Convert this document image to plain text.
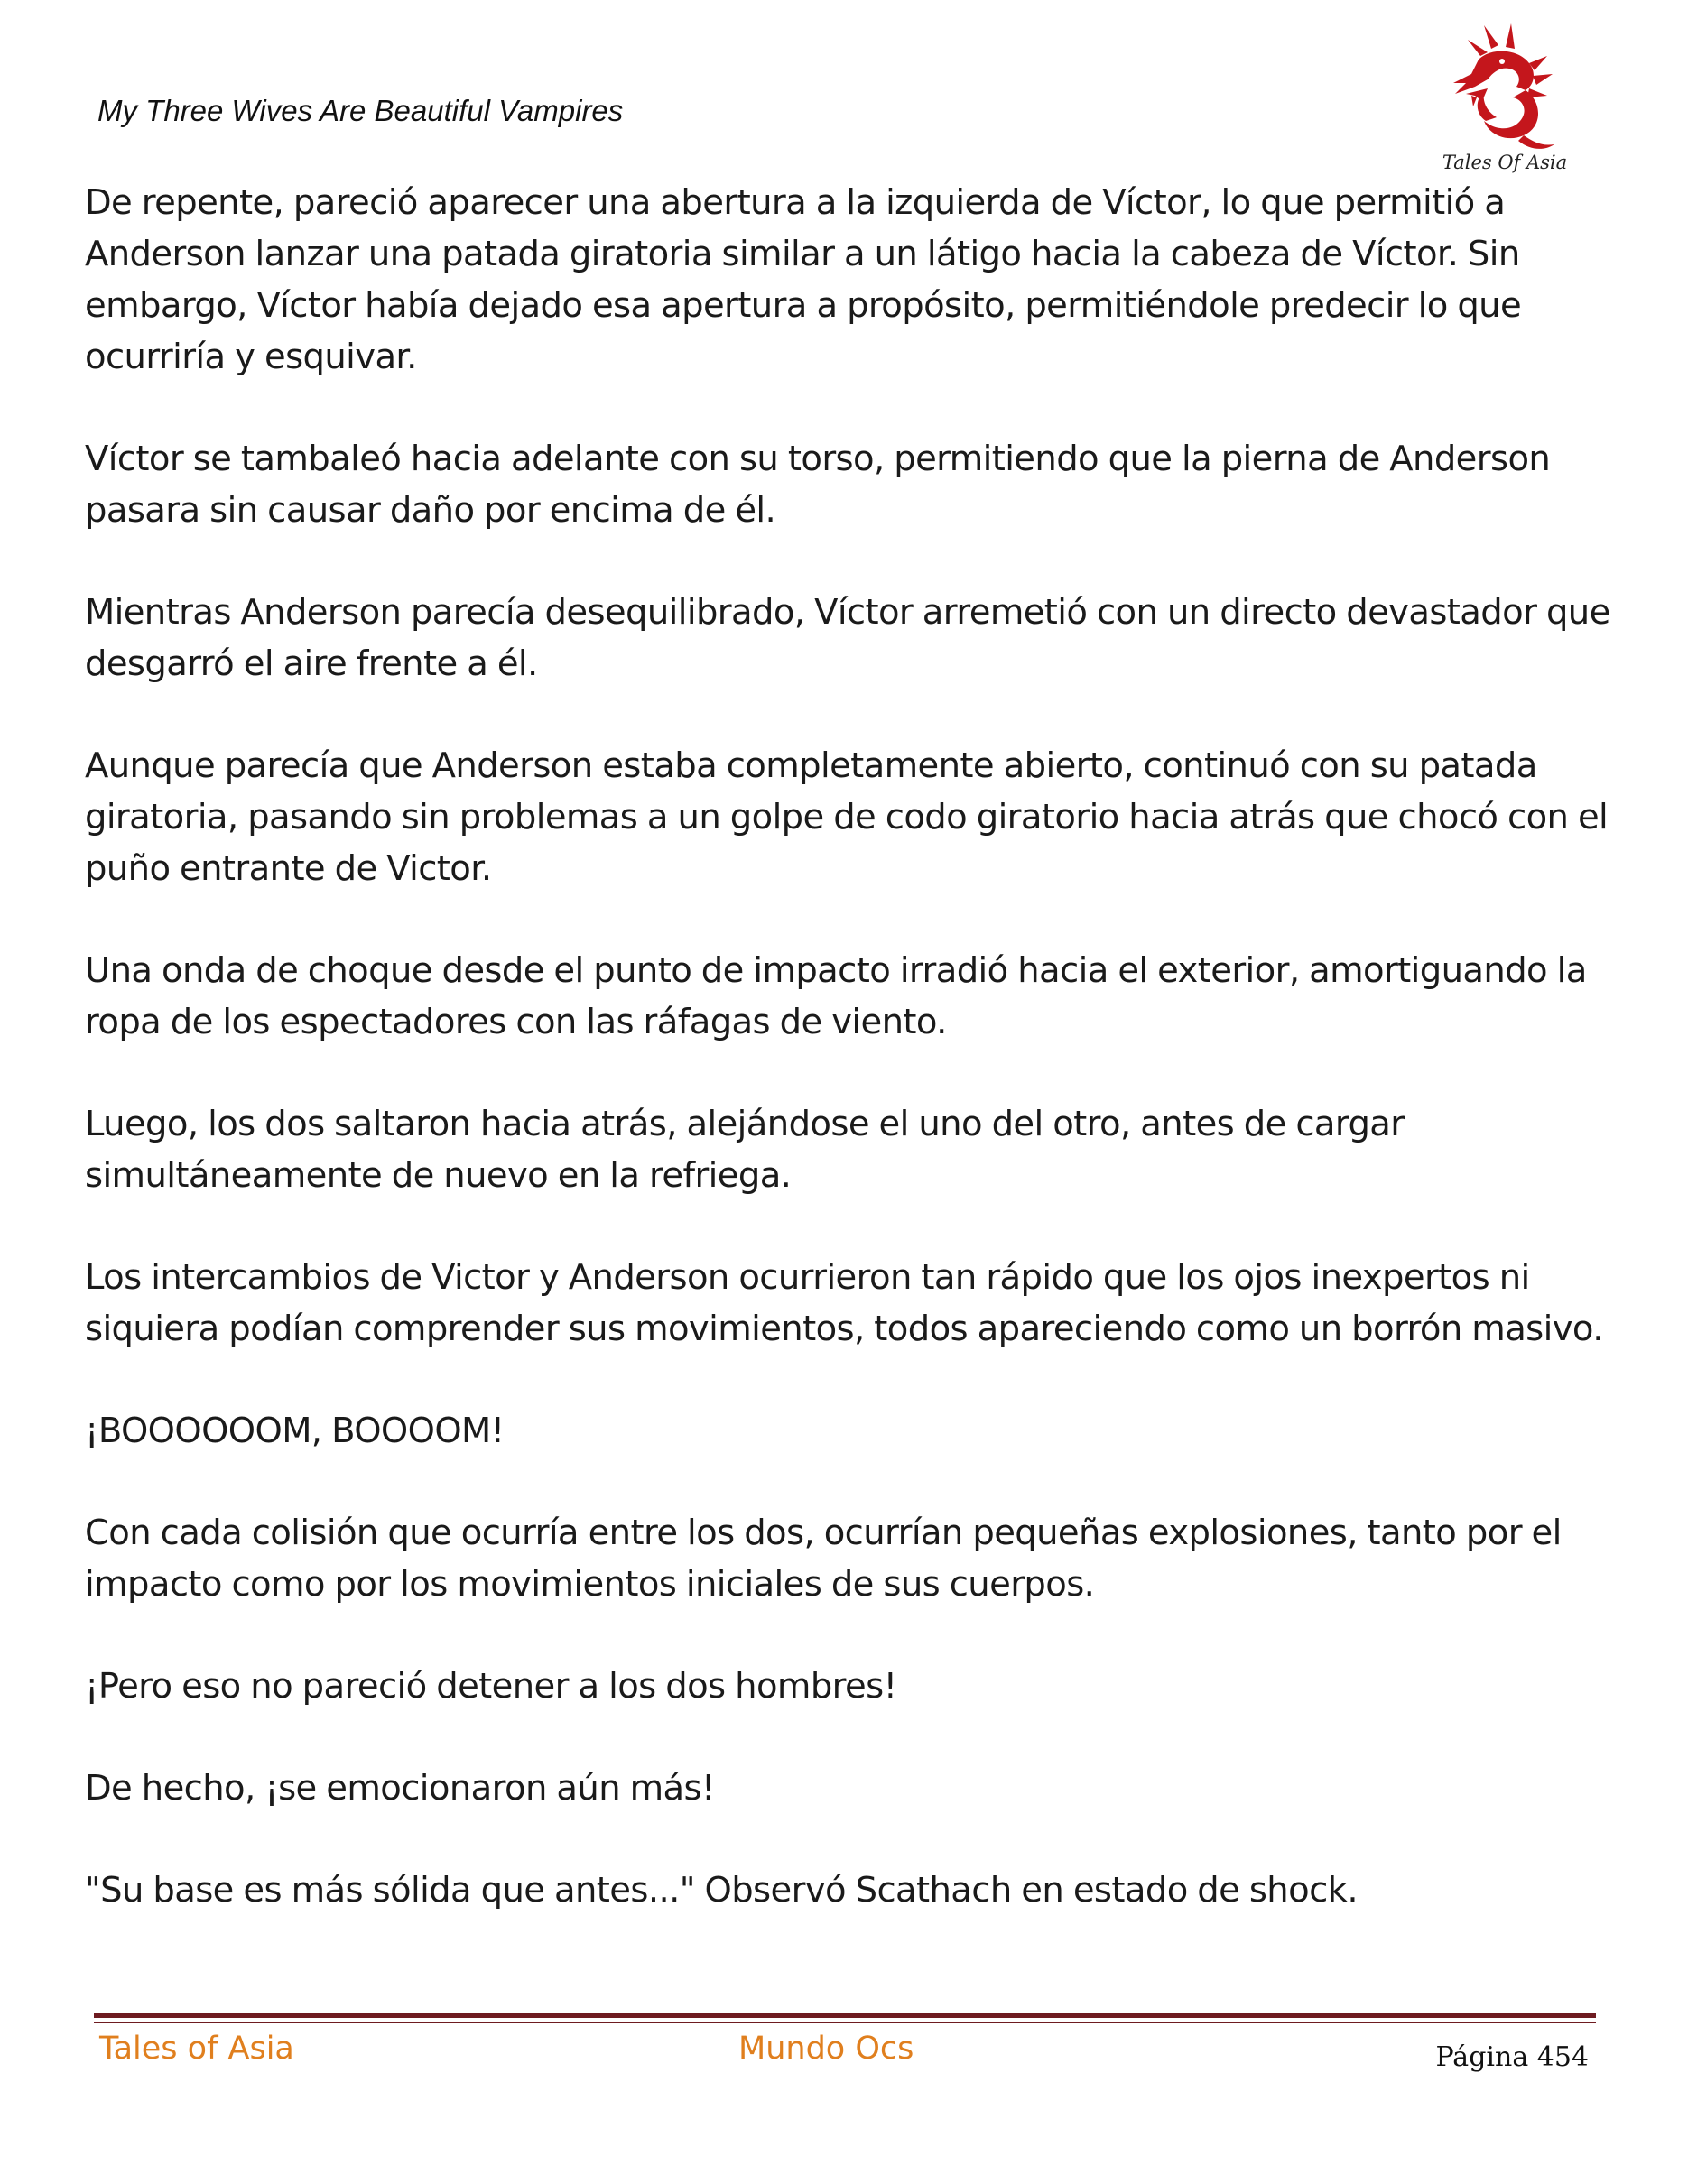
My Three Wives Are Beautiful Vampires
Tales Of Asia

De repente, pareció aparecer una abertura a la izquierda de Víctor, lo que permitió a Anderson lanzar una patada giratoria similar a un látigo hacia la cabeza de Víctor. Sin embargo, Víctor había dejado esa apertura a propósito, permitiéndole predecir lo que ocurriría y esquivar.

Víctor se tambaleó hacia adelante con su torso, permitiendo que la pierna de Anderson pasara sin causar daño por encima de él.

Mientras Anderson parecía desequilibrado, Víctor arremetió con un directo devastador que desgarró el aire frente a él.

Aunque parecía que Anderson estaba completamente abierto, continuó con su patada giratoria, pasando sin problemas a un golpe de codo giratorio hacia atrás que chocó con el puño entrante de Victor.

Una onda de choque desde el punto de impacto irradió hacia el exterior, amortiguando la ropa de los espectadores con las ráfagas de viento.

Luego, los dos saltaron hacia atrás, alejándose el uno del otro, antes de cargar simultáneamente de nuevo en la refriega.

Los intercambios de Victor y Anderson ocurrieron tan rápido que los ojos inexpertos ni siquiera podían comprender sus movimientos, todos apareciendo como un borrón masivo.

¡BOOOOOOM, BOOOOM!

Con cada colisión que ocurría entre los dos, ocurrían pequeñas explosiones, tanto por el impacto como por los movimientos iniciales de sus cuerpos.

¡Pero eso no pareció detener a los dos hombres!

De hecho, ¡se emocionaron aún más!

"Su base es más sólida que antes..." Observó Scathach en estado de shock.

Tales of Asia	Mundo Ocs	Página 454
